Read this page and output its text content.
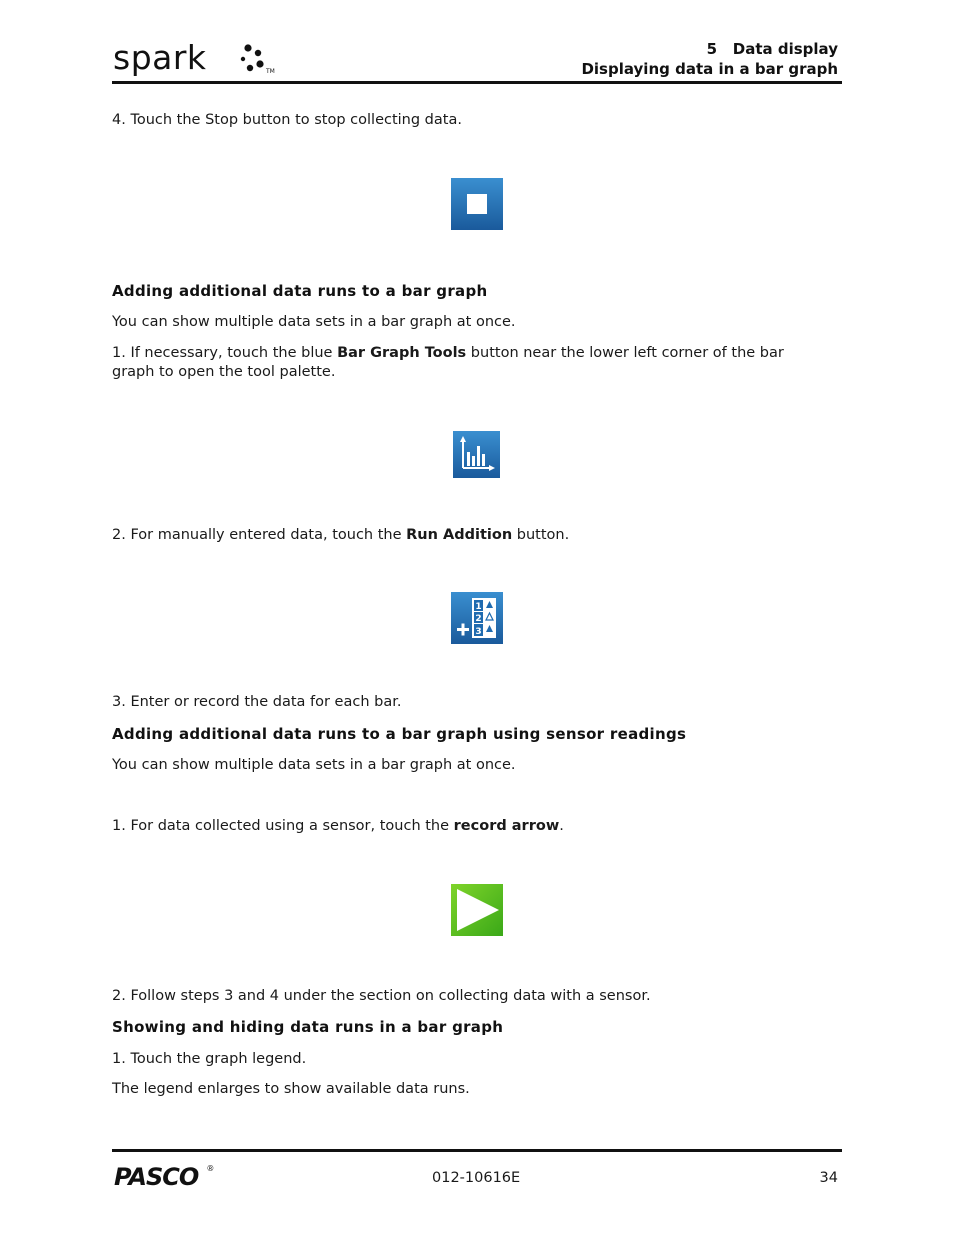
spark	TM
5   Data display
Displaying data in a bar graph
4. Touch the Stop button to stop collecting data.
Adding additional data runs to a bar graph
You can show multiple data sets in a bar graph at once.
1. If necessary, touch the blue Bar Graph Tools button near the lower left corner of the bar
graph to open the tool palette.
2. For manually entered data, touch the Run Addition button.
1
2
3
3. Enter or record the data for each bar.
Adding additional data runs to a bar graph using sensor readings
You can show multiple data sets in a bar graph at once.
1. For data collected using a sensor, touch the record arrow.
2. Follow steps 3 and 4 under the section on collecting data with a sensor.
Showing and hiding data runs in a bar graph
1. Touch the graph legend.
The legend enlarges to show available data runs.
PASCO ®
012-10616E	34
